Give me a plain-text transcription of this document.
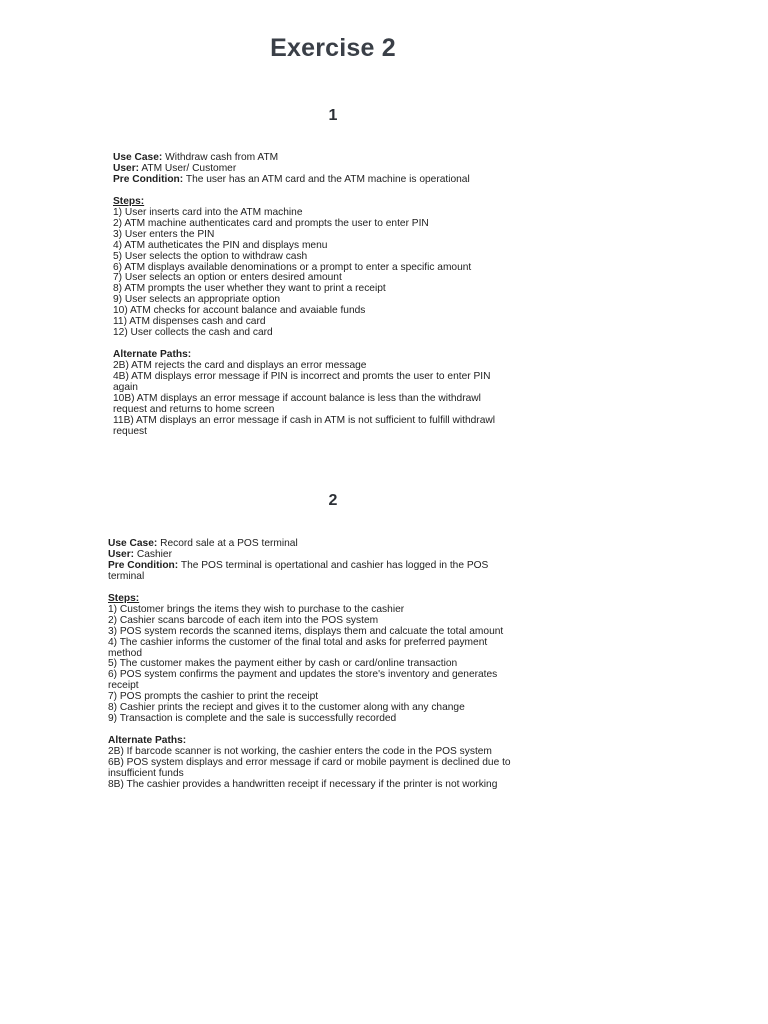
Exercise 2
1
Use Case: Withdraw cash from ATM
User: ATM User/ Customer
Pre Condition: The user has an ATM card and the ATM machine is operational
Steps:
1) User inserts card into the ATM machine
2) ATM machine authenticates card and prompts the user to enter PIN
3) User enters the PIN
4) ATM autheticates the PIN and displays menu
5) User selects the option to withdraw cash
6) ATM displays available denominations or a prompt to enter a specific amount
7) User selects an option or enters desired amount
8) ATM prompts the user whether they want to print a receipt
9) User selects an appropriate option
10) ATM checks for account balance and avaiable funds
11) ATM dispenses cash and card
12) User collects the cash and card
Alternate Paths:
2B) ATM rejects the card and displays an error message
4B) ATM displays error message if PIN is incorrect and promts the user to enter PIN
again
10B) ATM displays an error message if account balance is less than the withdrawl
request and returns to home screen
11B) ATM displays an error message if cash in ATM is not sufficient to fulfill withdrawl
request
2
Use Case: Record sale at a POS terminal
User: Cashier
Pre Condition: The POS terminal is opertational and cashier has logged in the POS
terminal
Steps:
1) Customer brings the items they wish to purchase to the cashier
2) Cashier scans barcode of each item into the POS system
3) POS system records the scanned items, displays them and calcuate the total amount
4) The cashier informs the customer of the final total and asks for preferred payment
method
5) The customer makes the payment either by cash or card/online transaction
6) POS system confirms the payment and updates the store's inventory and generates
receipt
7) POS prompts the cashier to print the receipt
8) Cashier prints the reciept and gives it to the customer along with any change
9) Transaction is complete and the sale is successfully recorded
Alternate Paths:
2B) If barcode scanner is not working, the cashier enters the code in the POS system
6B) POS system displays and error message if card or mobile payment is declined due to
insufficient funds
8B) The cashier provides a handwritten receipt if necessary if the printer is not working
